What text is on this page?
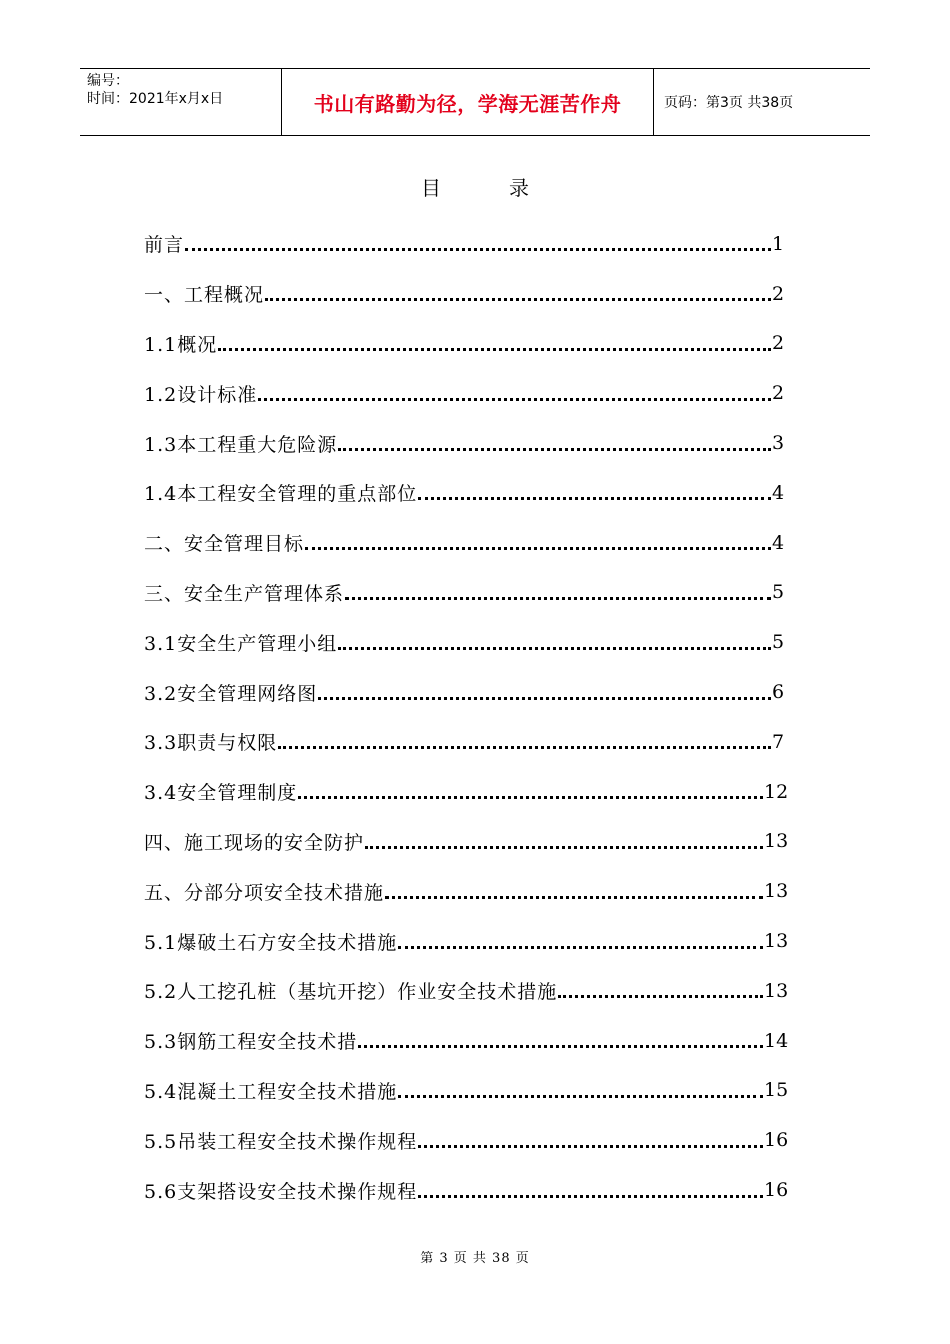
编号：
时间：2021年x月x日	书山有路勤为径，学海无涯苦作舟	页码：第3页 共38页
目	录
前言	1
一、工程概况	2
1.1概况	2
1.2设计标准	2
1.3本工程重大危险源	3
1.4本工程安全管理的重点部位	4
二、安全管理目标	4
三、安全生产管理体系	5
3.1安全生产管理小组	5
3.2安全管理网络图	6
3.3职责与权限	7
3.4安全管理制度	12
四、施工现场的安全防护	13
五、分部分项安全技术措施	13
5.1爆破土石方安全技术措施	13
5.2人工挖孔桩（基坑开挖）作业安全技术措施	13
5.3钢筋工程安全技术措	14
5.4混凝土工程安全技术措施	15
5.5吊装工程安全技术操作规程	16
5.6支架搭设安全技术操作规程	16
第 3 页 共 38 页
